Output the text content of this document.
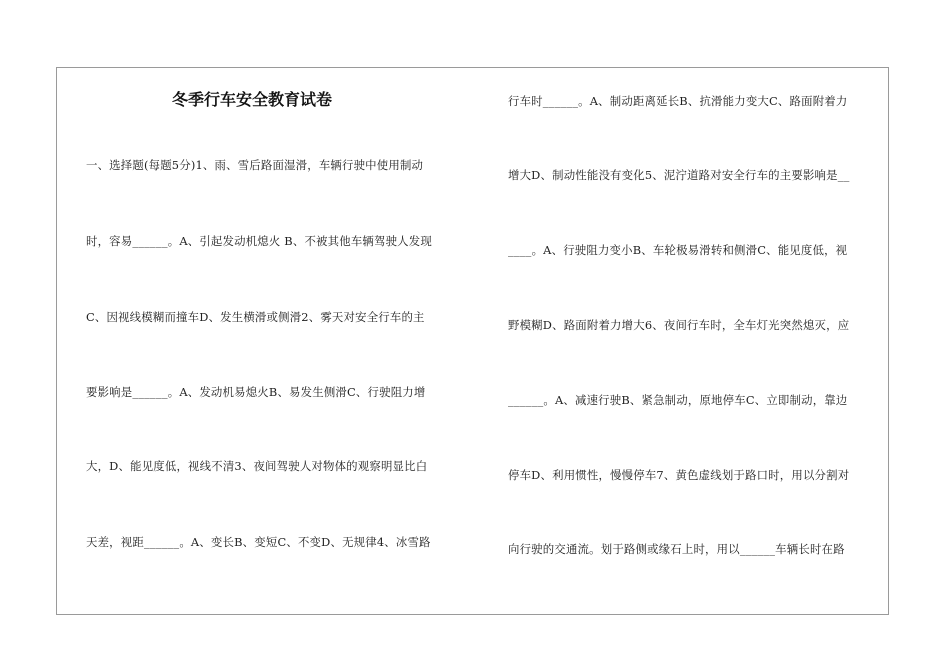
冬季行车安全教育试卷
一、选择题(每题5分)1、雨、雪后路面湿滑，车辆行驶中使用制动
时，容易______。A、引起发动机熄火 B、不被其他车辆驾驶人发现
C、因视线模糊而撞车D、发生横滑或侧滑2、雾天对安全行车的主
要影响是______。A、发动机易熄火B、易发生侧滑C、行驶阻力增
大，D、能见度低，视线不清3、夜间驾驶人对物体的观察明显比白
天差，视距______。A、变长B、变短C、不变D、无规律4、冰雪路
行车时______。A、制动距离延长B、抗滑能力变大C、路面附着力
增大D、制动性能没有变化5、泥泞道路对安全行车的主要影响是__
____。A、行驶阻力变小B、车轮极易滑转和侧滑C、能见度低，视
野模糊D、路面附着力增大6、夜间行车时，全车灯光突然熄灭，应
______。A、减速行驶B、紧急制动，原地停车C、立即制动，靠边
停车D、利用惯性，慢慢停车7、黄色虚线划于路口时，用以分割对
向行驶的交通流。划于路侧或缘石上时，用以______车辆长时在路
